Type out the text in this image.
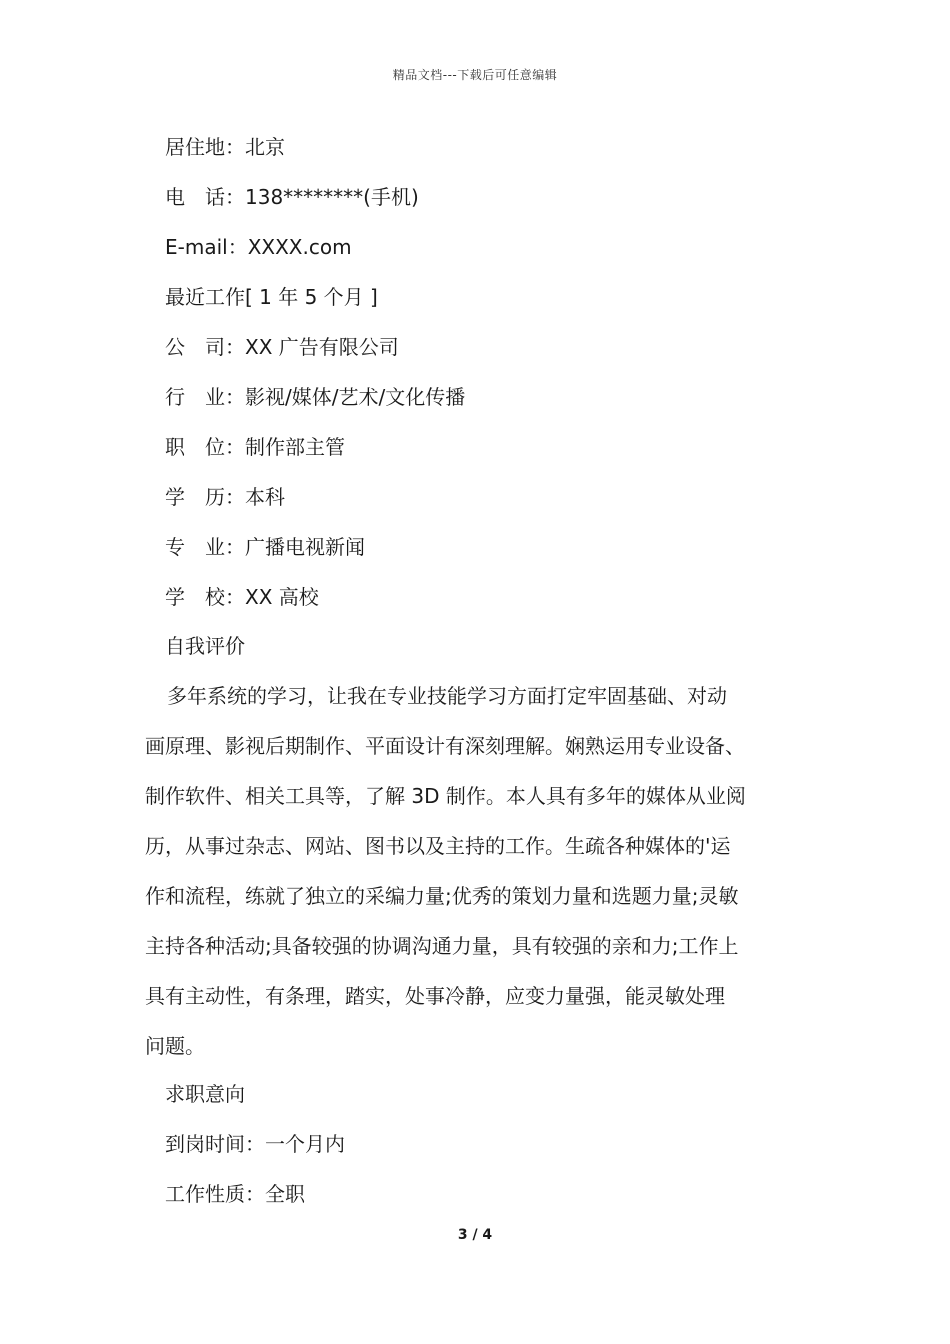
精品文档---下载后可任意编辑
居住地：北京
电　话：138********(手机)
E-mail：XXXX.com
最近工作[ 1 年 5 个月 ]
公　司：XX 广告有限公司
行　业：影视/媒体/艺术/文化传播
职　位：制作部主管
学　历：本科
专　业：广播电视新闻
学　校：XX 高校
自我评价
多年系统的学习，让我在专业技能学习方面打定牢固基础、对动
画原理、影视后期制作、平面设计有深刻理解。娴熟运用专业设备、
制作软件、相关工具等，了解 3D 制作。本人具有多年的媒体从业阅
历，从事过杂志、网站、图书以及主持的工作。生疏各种媒体的'运
作和流程，练就了独立的采编力量;优秀的策划力量和选题力量;灵敏
主持各种活动;具备较强的协调沟通力量，具有较强的亲和力;工作上
具有主动性，有条理，踏实，处事冷静，应变力量强，能灵敏处理
问题。
求职意向
到岗时间：一个月内
工作性质：全职
3 / 4
